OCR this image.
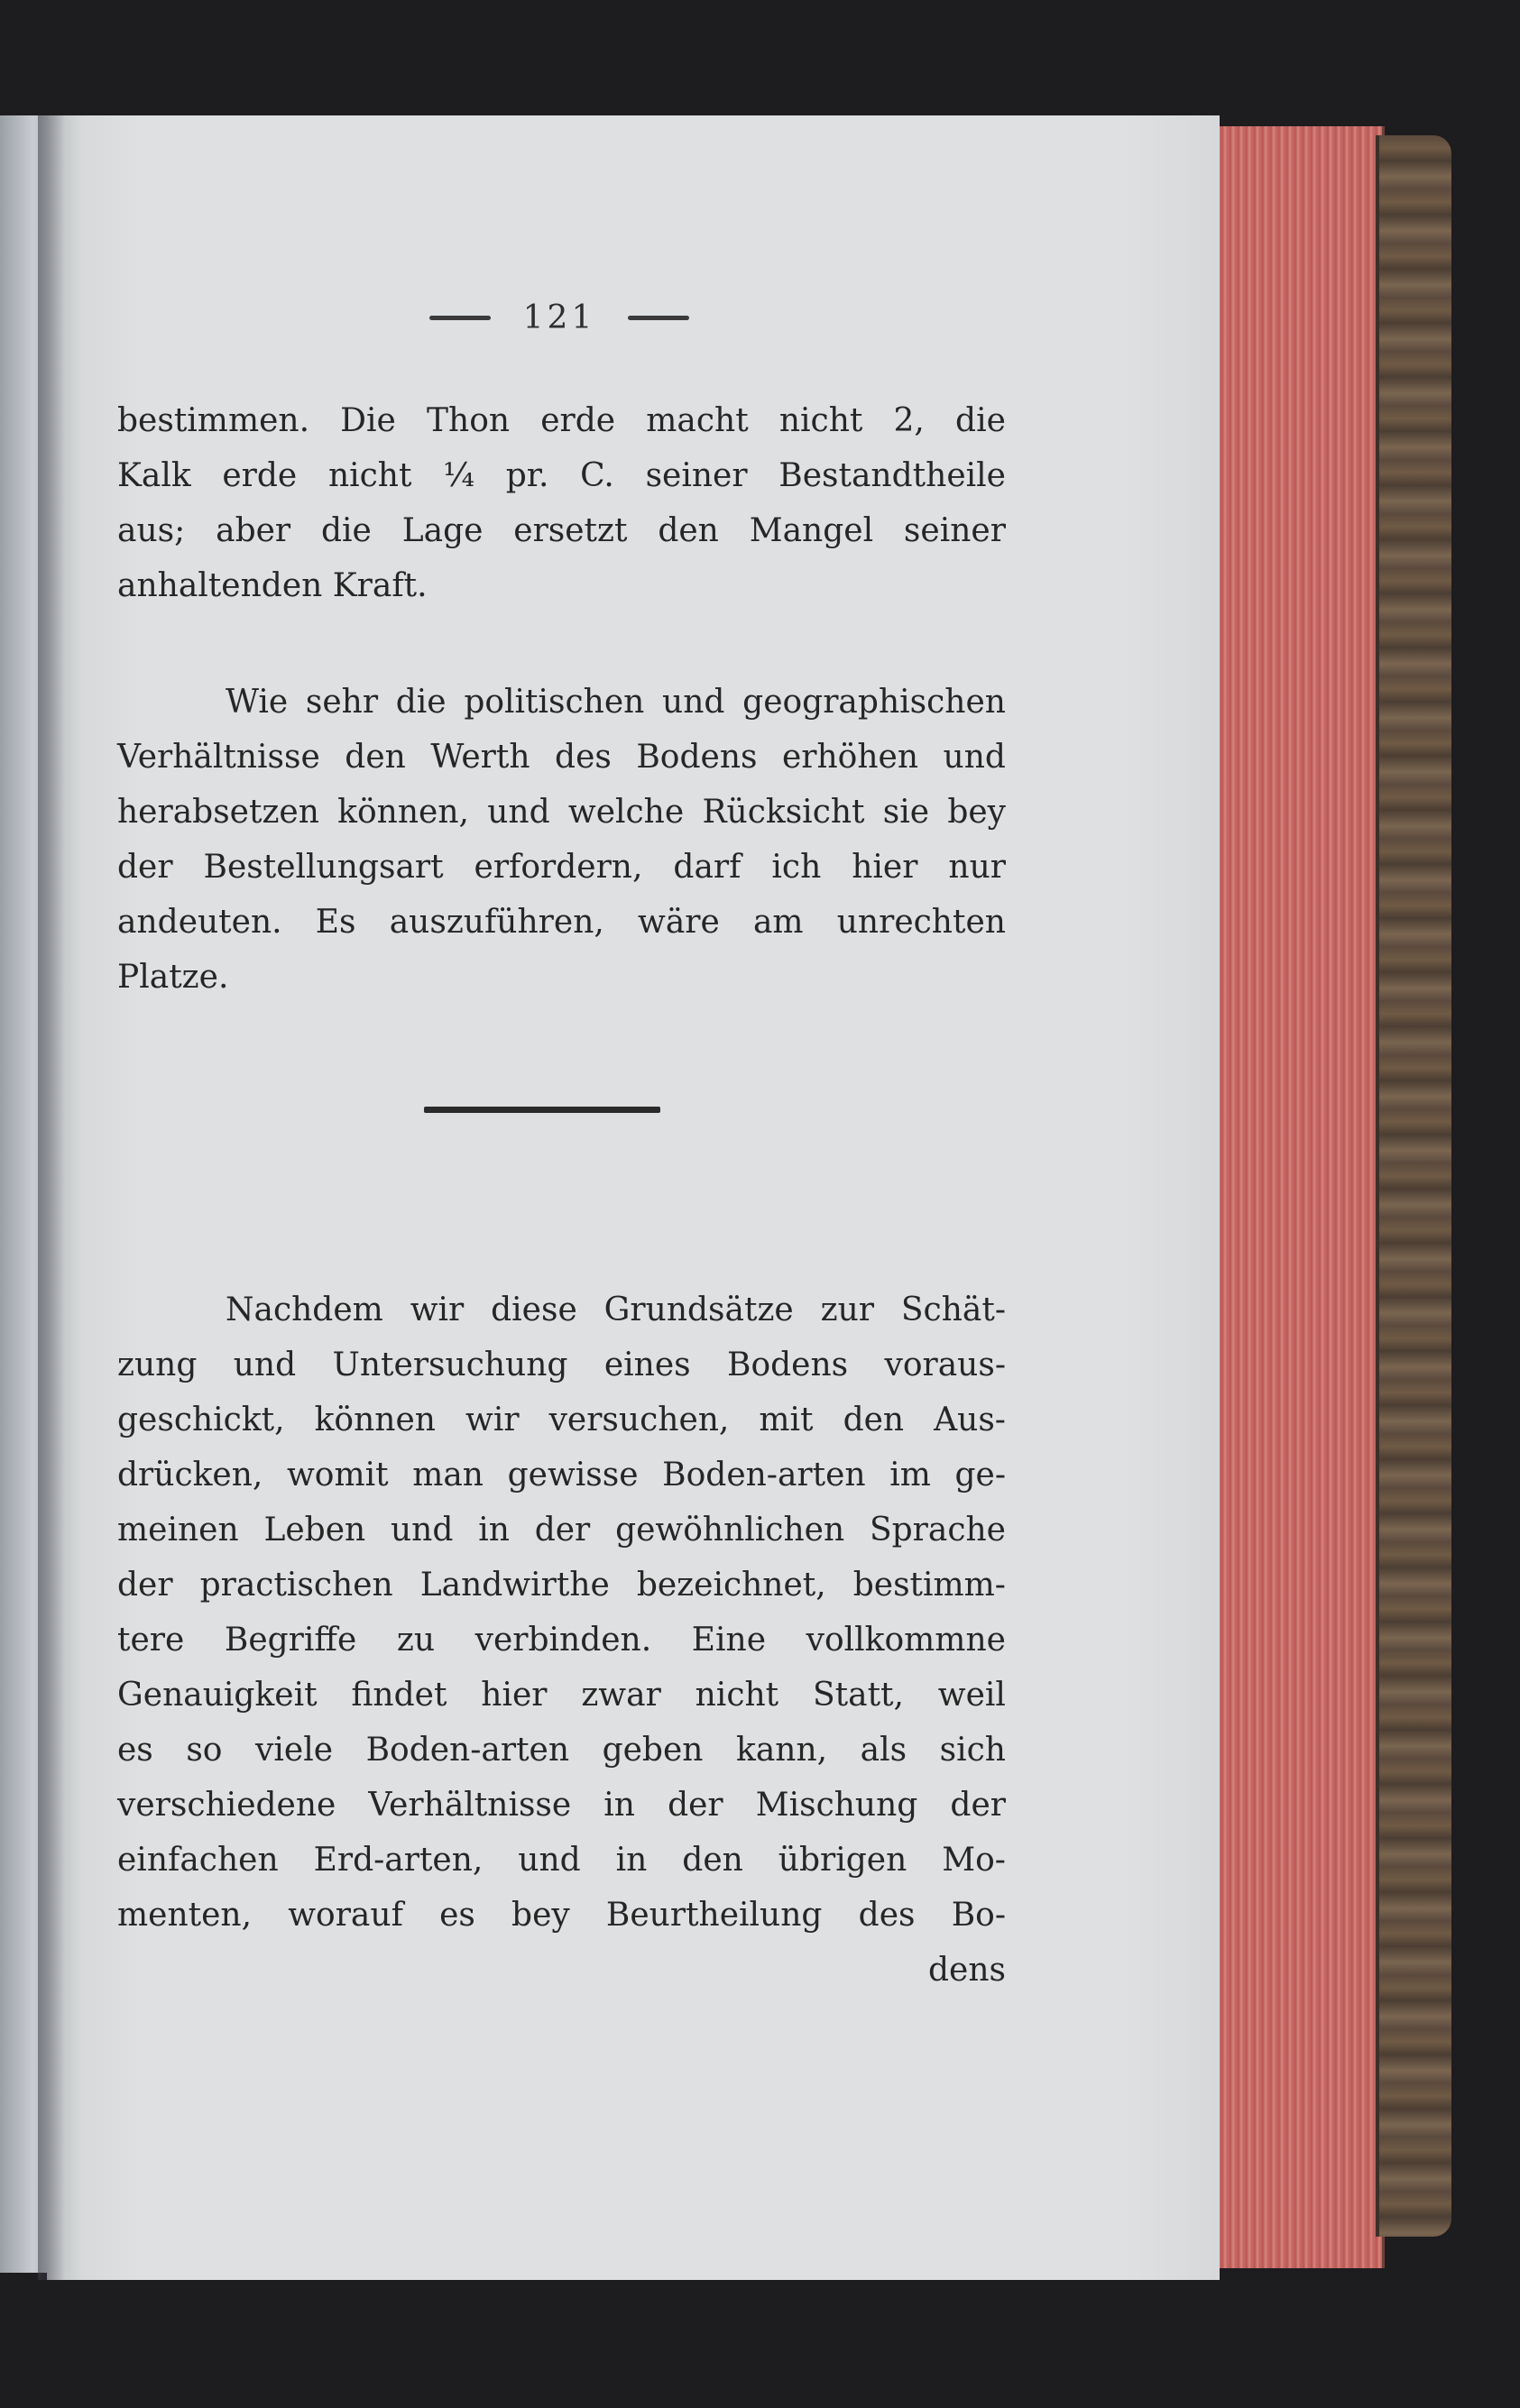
121
bestimmen. Die Thon erde macht nicht 2, die
Kalk erde nicht ¼ pr. C. seiner Bestandtheile
aus; aber die Lage ersetzt den Mangel seiner
anhaltenden Kraft.
Wie sehr die politischen und geographischen
Verhältnisse den Werth des Bodens erhöhen und
herabsetzen können, und welche Rücksicht sie bey
der Bestellungsart erfordern, darf ich hier nur
andeuten. Es auszuführen, wäre am unrechten
Platze.
Nachdem wir diese Grundsätze zur Schät-
zung und Untersuchung eines Bodens voraus-
geschickt, können wir versuchen, mit den Aus-
drücken, womit man gewisse Boden-arten im ge-
meinen Leben und in der gewöhnlichen Sprache
der practischen Landwirthe bezeichnet, bestimm-
tere Begriffe zu verbinden. Eine vollkommne
Genauigkeit findet hier zwar nicht Statt, weil
es so viele Boden-arten geben kann, als sich
verschiedene Verhältnisse in der Mischung der
einfachen Erd-arten, und in den übrigen Mo-
menten, worauf es bey Beurtheilung des Bo-
dens
